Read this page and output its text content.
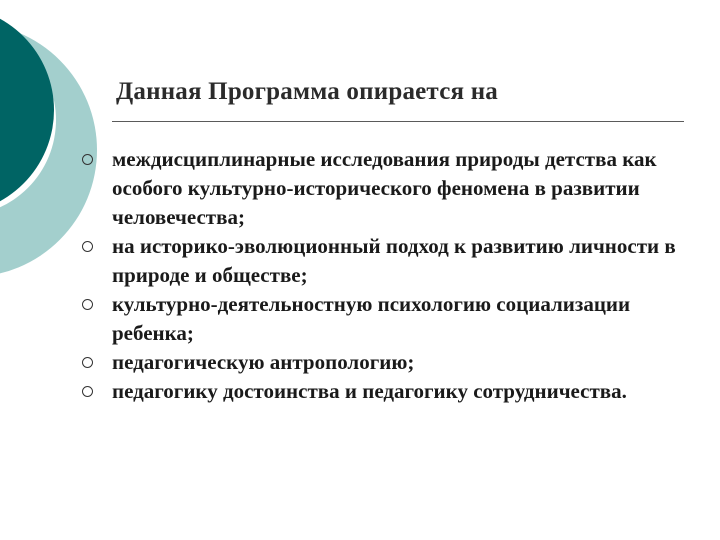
Данная Программа опирается на
междисциплинарные исследования природы детства как особого культурно-исторического феномена в развитии человечества;
на историко-эволюционный подход к развитию личности в природе и обществе;
культурно-деятельностную психологию социализации ребенка;
педагогическую антропологию;
педагогику достоинства и педагогику сотрудничества.
